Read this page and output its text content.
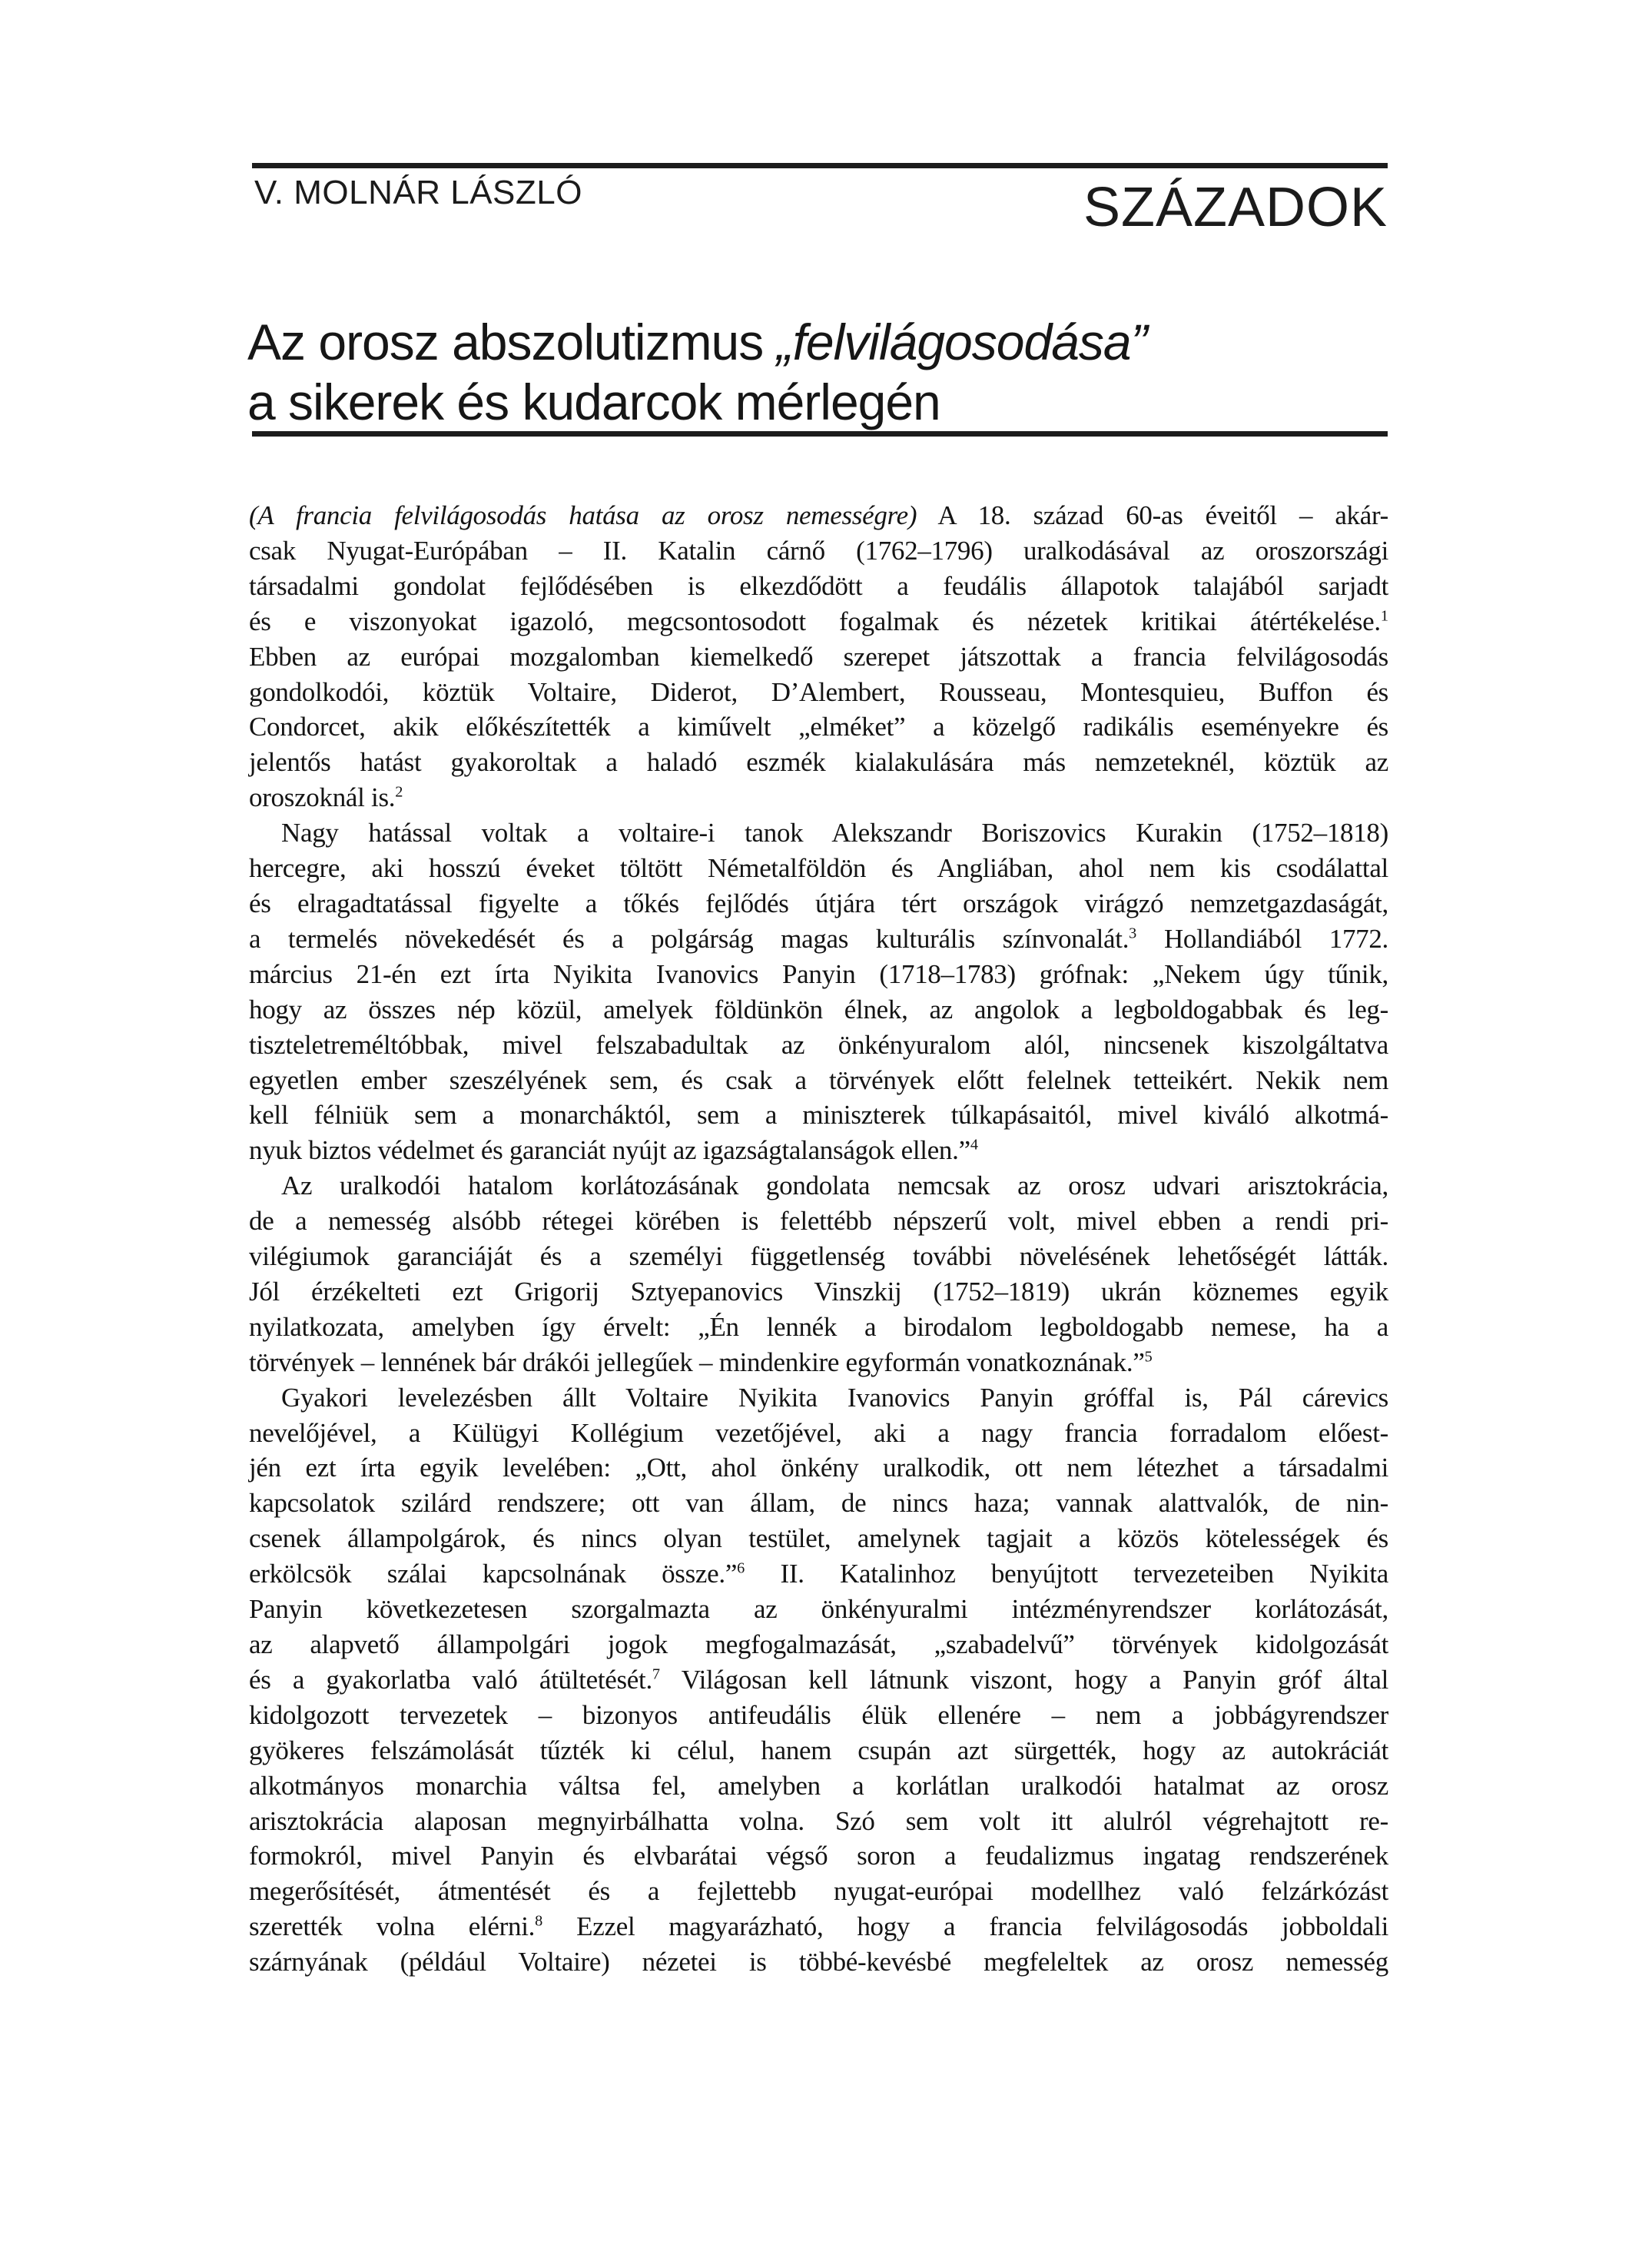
V. MOLNÁR LÁSZLÓ	SZÁZADOK
Az orosz abszolutizmus „felvilágosodása”
a sikerek és kudarcok mérlegén
(A francia felvilágosodás hatása az orosz nemességre) A 18. század 60-as éveitől – akár-
csak Nyugat-Európában – II. Katalin cárnő (1762–1796) uralkodásával az oroszországi
társadalmi gondolat fejlődésében is elkezdődött a feudális állapotok talajából sarjadt
és e viszonyokat igazoló, megcsontosodott fogalmak és nézetek kritikai átértékelése.$^1$
Ebben az európai mozgalomban kiemelkedő szerepet játszottak a francia felvilágosodás
gondolkodói, köztük Voltaire, Diderot, D’Alembert, Rousseau, Montesquieu, Buffon és
Condorcet, akik előkészítették a kiművelt „elméket” a közelgő radikális eseményekre és
jelentős hatást gyakoroltak a haladó eszmék kialakulására más nemzeteknél, köztük az
oroszoknál is.$^2$
Nagy hatással voltak a voltaire-i tanok Alekszandr Boriszovics Kurakin (1752–1818)
hercegre, aki hosszú éveket töltött Németalföldön és Angliában, ahol nem kis csodálattal
és elragadtatással figyelte a tőkés fejlődés útjára tért országok virágzó nemzetgazdaságát,
a termelés növekedését és a polgárság magas kulturális színvonalát.$^3$ Hollandiából 1772.
március 21-én ezt írta Nyikita Ivanovics Panyin (1718–1783) grófnak: „Nekem úgy tűnik,
hogy az összes nép közül, amelyek földünkön élnek, az angolok a legboldogabbak és leg-
tiszteletreméltóbbak, mivel felszabadultak az önkényuralom alól, nincsenek kiszolgáltatva
egyetlen ember szeszélyének sem, és csak a törvények előtt felelnek tetteikért. Nekik nem
kell félniük sem a monarcháktól, sem a miniszterek túlkapásaitól, mivel kiváló alkotmá-
nyuk biztos védelmet és garanciát nyújt az igazságtalanságok ellen.”$^4$
Az uralkodói hatalom korlátozásának gondolata nemcsak az orosz udvari arisztokrácia,
de a nemesség alsóbb rétegei körében is felettébb népszerű volt, mivel ebben a rendi pri-
vilégiumok garanciáját és a személyi függetlenség további növelésének lehetőségét látták.
Jól érzékelteti ezt Grigorij Sztyepanovics Vinszkij (1752–1819) ukrán köznemes egyik
nyilatkozata, amelyben így érvelt: „Én lennék a birodalom legboldogabb nemese, ha a
törvények – lennének bár drákói jellegűek – mindenkire egyformán vonatkoznának.”$^5$
Gyakori levelezésben állt Voltaire Nyikita Ivanovics Panyin gróffal is, Pál cárevics
nevelőjével, a Külügyi Kollégium vezetőjével, aki a nagy francia forradalom előest-
jén ezt írta egyik levelében: „Ott, ahol önkény uralkodik, ott nem létezhet a társadalmi
kapcsolatok szilárd rendszere; ott van állam, de nincs haza; vannak alattvalók, de nin-
csenek állampolgárok, és nincs olyan testület, amelynek tagjait a közös kötelességek és
erkölcsök szálai kapcsolnának össze.”$^6$ II. Katalinhoz benyújtott tervezeteiben Nyikita
Panyin következetesen szorgalmazta az önkényuralmi intézményrendszer korlátozását,
az alapvető állampolgári jogok megfogalmazását, „szabadelvű” törvények kidolgozását
és a gyakorlatba való átültetését.$^7$ Világosan kell látnunk viszont, hogy a Panyin gróf által
kidolgozott tervezetek – bizonyos antifeudális élük ellenére – nem a jobbágyrendszer
gyökeres felszámolását tűzték ki célul, hanem csupán azt sürgették, hogy az autokráciát
alkotmányos monarchia váltsa fel, amelyben a korlátlan uralkodói hatalmat az orosz
arisztokrácia alaposan megnyirbálhatta volna. Szó sem volt itt alulról végrehajtott re-
formokról, mivel Panyin és elvbarátai végső soron a feudalizmus ingatag rendszerének
megerősítését, átmentését és a fejlettebb nyugat-európai modellhez való felzárkózást
szerették volna elérni.$^8$ Ezzel magyarázható, hogy a francia felvilágosodás jobboldali
szárnyának (például Voltaire) nézetei is többé-kevésbé megfeleltek az orosz nemesség
